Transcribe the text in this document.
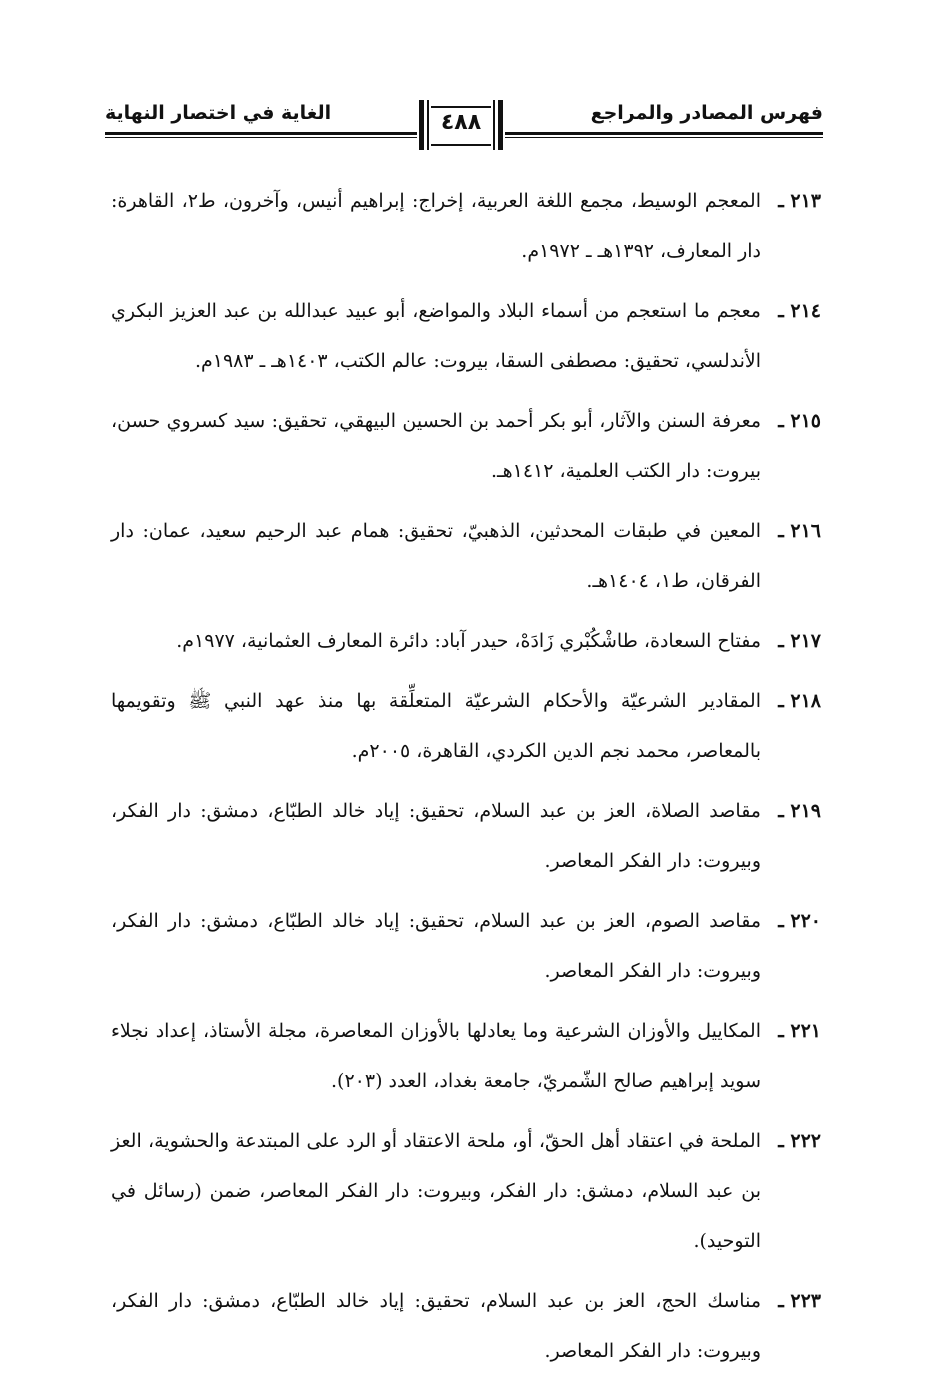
فهرس المصادر والمراجع
الغاية في اختصار النهاية	٤٨٨
٢١٣ ـ
المعجم الوسيط، مجمع اللغة العربية، إخراج: إبراهيم أنيس، وآخرون، ط٢، القاهرة: دار المعارف، ١٣٩٢هـ ـ ١٩٧٢م.
٢١٤ ـ
معجم ما استعجم من أسماء البلاد والمواضع، أبو عبيد عبدالله بن عبد العزيز البكري الأندلسي، تحقيق: مصطفى السقا، بيروت: عالم الكتب، ١٤٠٣هـ ـ ١٩٨٣م.
٢١٥ ـ
معرفة السنن والآثار، أبو بكر أحمد بن الحسين البيهقي، تحقيق: سيد كسروي حسن، بيروت: دار الكتب العلمية، ١٤١٢هـ.
٢١٦ ـ
المعين في طبقات المحدثين، الذهبيّ، تحقيق: همام عبد الرحيم سعيد، عمان: دار الفرقان، ط١، ١٤٠٤هـ.
٢١٧ ـ
مفتاح السعادة، طاشْكُبْري زَادَهْ، حيدر آباد: دائرة المعارف العثمانية، ١٩٧٧م.
٢١٨ ـ
المقادير الشرعيّة والأحكام الشرعيّة المتعلِّقة بها منذ عهد النبي ﷺ وتقويمها بالمعاصر، محمد نجم الدين الكردي، القاهرة، ٢٠٠٥م.
٢١٩ ـ
مقاصد الصلاة، العز بن عبد السلام، تحقيق: إياد خالد الطبّاع، دمشق: دار الفكر، وبيروت: دار الفكر المعاصر.
٢٢٠ ـ
مقاصد الصوم، العز بن عبد السلام، تحقيق: إياد خالد الطبّاع، دمشق: دار الفكر، وبيروت: دار الفكر المعاصر.
٢٢١ ـ
المكاييل والأوزان الشرعية وما يعادلها بالأوزان المعاصرة، مجلة الأستاذ، إعداد نجلاء سويد إبراهيم صالح الشّمريّ، جامعة بغداد، العدد (٢٠٣).
٢٢٢ ـ
الملحة في اعتقاد أهل الحقّ، أو، ملحة الاعتقاد أو الرد على المبتدعة والحشوية، العز بن عبد السلام، دمشق: دار الفكر، وبيروت: دار الفكر المعاصر، ضمن (رسائل في التوحيد).
٢٢٣ ـ
مناسك الحج، العز بن عبد السلام، تحقيق: إياد خالد الطبّاع، دمشق: دار الفكر، وبيروت: دار الفكر المعاصر.
